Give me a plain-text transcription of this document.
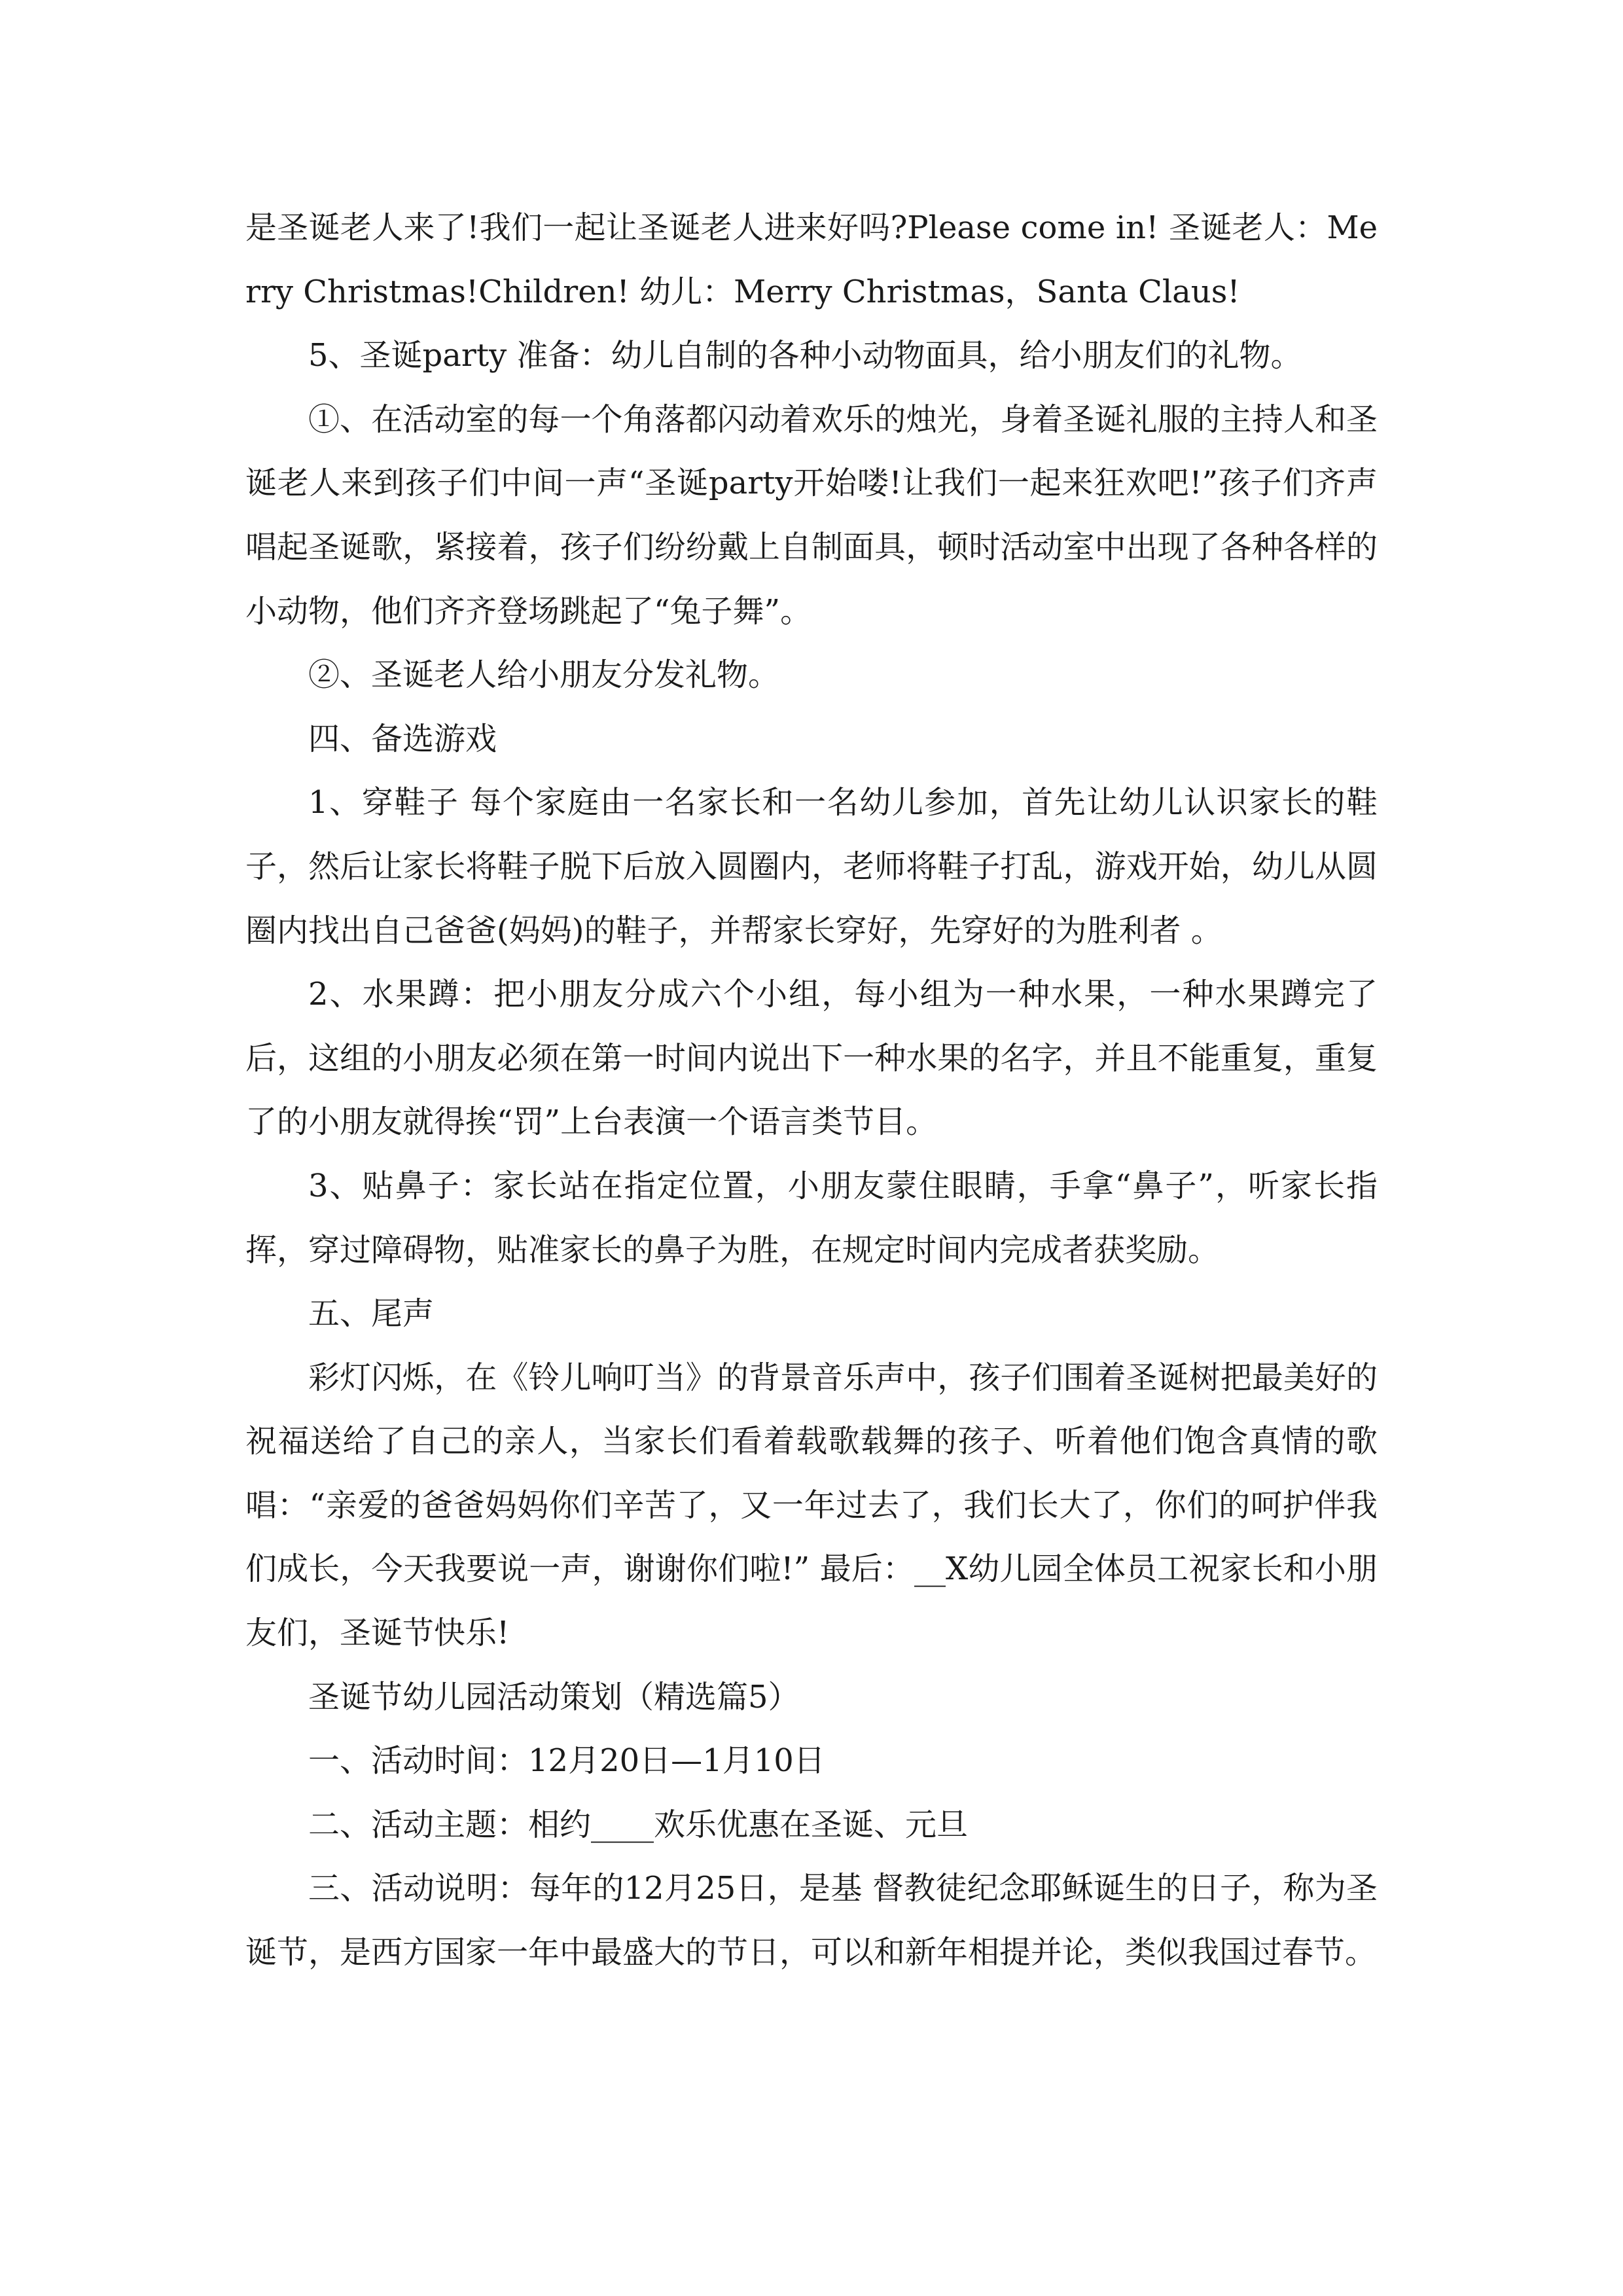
是圣诞老人来了!我们一起让圣诞老人进来好吗?Please come in! 圣诞老人：Merry Christmas!Children! 幼儿：Merry Christmas，Santa Claus!

5、圣诞party 准备：幼儿自制的各种小动物面具，给小朋友们的礼物。

①、在活动室的每一个角落都闪动着欢乐的烛光，身着圣诞礼服的主持人和圣诞老人来到孩子们中间一声“圣诞party开始喽!让我们一起来狂欢吧!”孩子们齐声唱起圣诞歌，紧接着，孩子们纷纷戴上自制面具，顿时活动室中出现了各种各样的小动物，他们齐齐登场跳起了“兔子舞”。

②、圣诞老人给小朋友分发礼物。

四、备选游戏

1、穿鞋子 每个家庭由一名家长和一名幼儿参加，首先让幼儿认识家长的鞋子，然后让家长将鞋子脱下后放入圆圈内，老师将鞋子打乱，游戏开始，幼儿从圆圈内找出自己爸爸(妈妈)的鞋子，并帮家长穿好，先穿好的为胜利者 。

2、水果蹲：把小朋友分成六个小组，每小组为一种水果，一种水果蹲完了后，这组的小朋友必须在第一时间内说出下一种水果的名字，并且不能重复，重复了的小朋友就得挨“罚”上台表演一个语言类节目。

3、贴鼻子：家长站在指定位置，小朋友蒙住眼睛，手拿“鼻子”，听家长指挥，穿过障碍物，贴准家长的鼻子为胜，在规定时间内完成者获奖励。

五、尾声

彩灯闪烁，在《铃儿响叮当》的背景音乐声中，孩子们围着圣诞树把最美好的祝福送给了自己的亲人，当家长们看着载歌载舞的孩子、听着他们饱含真情的歌唱：“亲爱的爸爸妈妈你们辛苦了，又一年过去了，我们长大了，你们的呵护伴我们成长，今天我要说一声，谢谢你们啦!” 最后：__X幼儿园全体员工祝家长和小朋友们，圣诞节快乐!

圣诞节幼儿园活动策划（精选篇5）

一、活动时间：12月20日—1月10日

二、活动主题：相约____欢乐优惠在圣诞、元旦

三、活动说明：每年的12月25日，是基 督教徒纪念耶稣诞生的日子，称为圣诞节，是西方国家一年中最盛大的节日，可以和新年相提并论，类似我国过春节。
